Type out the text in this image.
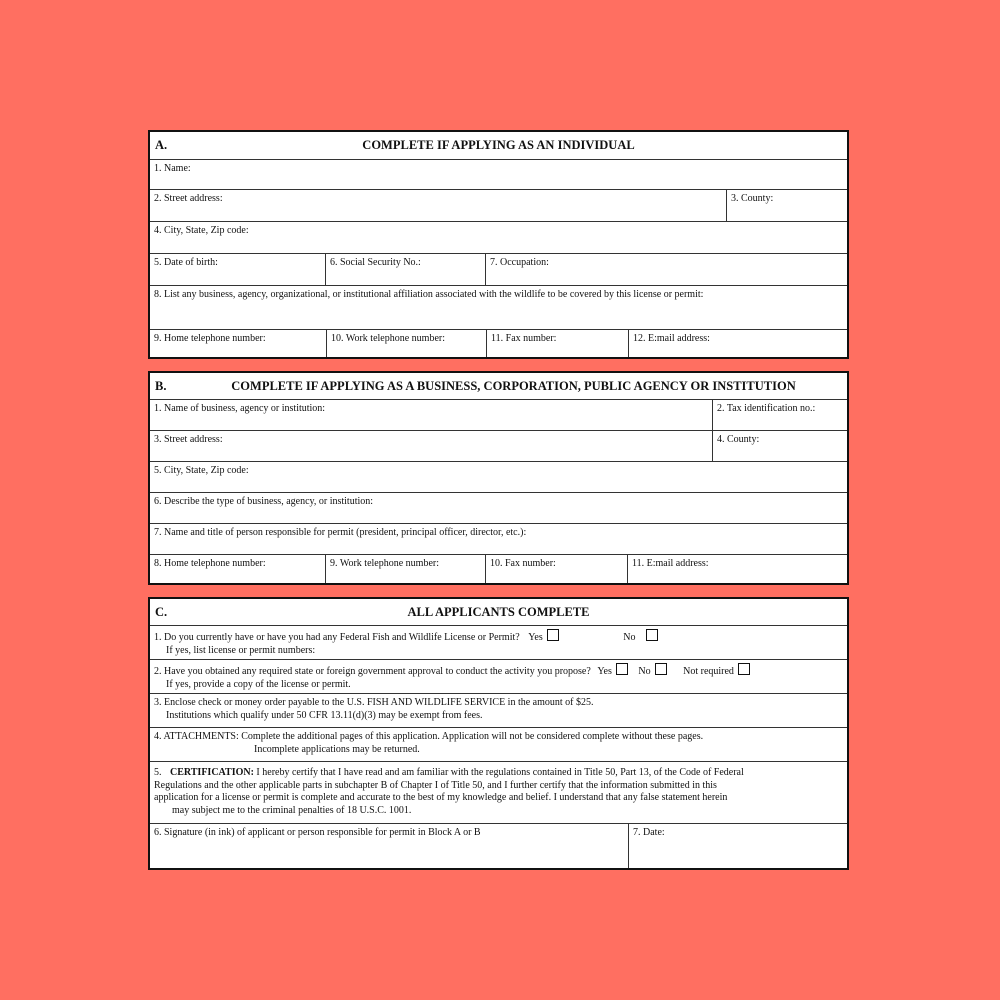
A.	COMPLETE IF APPLYING AS AN INDIVIDUAL
1. Name:
2. Street address:	3. County:
4. City, State, Zip code:
5. Date of birth:	6. Social Security No.:	7. Occupation:
8. List any business, agency, organizational, or institutional affiliation associated with the wildlife to be covered by this license or permit:
9. Home telephone number:	10. Work telephone number:	11. Fax number:	12. E:mail address:
B.	COMPLETE IF APPLYING AS A BUSINESS, CORPORATION, PUBLIC AGENCY OR INSTITUTION
1. Name of business, agency or institution:	2. Tax identification no.:
3. Street address:	4. County:
5. City, State, Zip code:
6. Describe the type of business, agency, or institution:
7. Name and title of person responsible for permit (president, principal officer, director, etc.):
8. Home telephone number:	9. Work telephone number:	10. Fax number:	11. E:mail address:
C.	ALL APPLICANTS COMPLETE
1. Do you currently have or have you had any Federal Fish and Wildlife License or Permit? Yes	No
If yes, list license or permit numbers:
2. Have you obtained any required state or foreign government approval to conduct the activity you propose? Yes	No	Not required
If yes, provide a copy of the license or permit.
3. Enclose check or money order payable to the U.S. FISH AND WILDLIFE SERVICE in the amount of $25.
Institutions which qualify under 50 CFR 13.11(d)(3) may be exempt from fees.
4. ATTACHMENTS: Complete the additional pages of this application. Application will not be considered complete without these pages.
Incomplete applications may be returned.
5. CERTIFICATION: I hereby certify that I have read and am familiar with the regulations contained in Title 50, Part 13, of the Code of Federal
Regulations and the other applicable parts in subchapter B of Chapter I of Title 50, and I further certify that the information submitted in this
application for a license or permit is complete and accurate to the best of my knowledge and belief. I understand that any false statement herein
may subject me to the criminal penalties of 18 U.S.C. 1001.
6. Signature (in ink) of applicant or person responsible for permit in Block A or B	7. Date:
